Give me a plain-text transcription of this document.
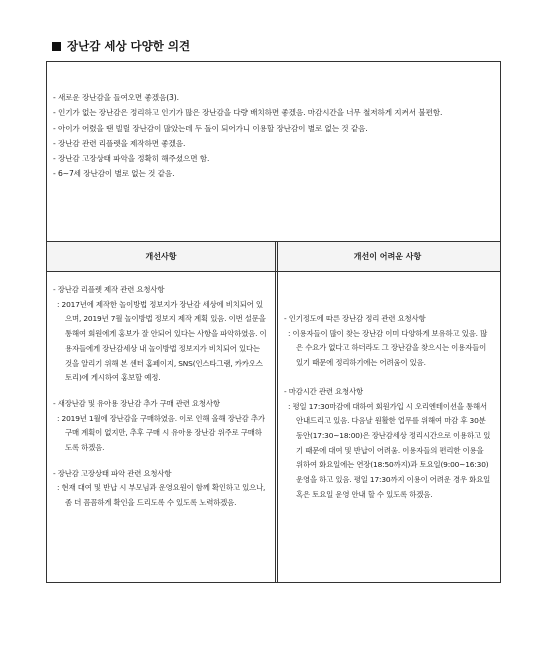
장난감 세상 다양한 의견

- 새로운 장난감을 들여오면 좋겠음(3).

- 인기가 없는 장난감은 정리하고 인기가 많은 장난감을 다량 배치하면 좋겠음. 마감시간을 너무 철저하게 지켜서 불편함.

- 아이가 어렸을 땐 빌릴 장난감이 많았는데 두 돌이 되어가니 이용할 장난감이 별로 없는 것 같음.

- 장난감 관련 리플렛을 제작하면 좋겠음.

- 장난감 고장상태 파악을 정확히 해주셨으면 함.

- 6~7세 장난감이 별로 없는 것 같음.

개선사항	개선이 어려운 사항

- 장난감 리플렛 제작 관련 요청사항

: 2017년에 제작한 놀이방법 정보지가 장난감 세상에 비치되어 있으며, 2019년 7월 놀이방법 정보지 제작 계획 있음. 이번 설문을 통해여 회원에게 홍보가 잘 안되어 있다는 사항을 파악하였음. 이용자들에게 장난감세상 내 놀이방법 정보지가 비치되어 있다는 것을 알리기 위해 본 센터 홈페이지, SNS(인스타그램, 카카오스토리)에 게시하여 홍보할 예정.

- 새장난감 및 유아용 장난감 추가 구매 관련 요청사항

: 2019년 1월에 장난감을 구매하였음. 이로 인해 올해 장난감 추가 구매 계획이 없지만, 추후 구매 시 유아용 장난감 위주로 구매하도록 하겠음.

- 장난감 고장상태 파악 관련 요청사항

: 현재 대여 및 반납 시 부모님과 운영요원이 함께 확인하고 있으나, 좀 더 꼼꼼하게 확인을 드리도록 수 있도록 노력하겠음.

- 인기정도에 따른 장난감 정리 관련 요청사항

: 이용자들이 많이 찾는 장난감 이미 다양하게 보유하고 있음. 많은 수요가 없다고 하더라도 그 장난감을 찾으시는 이용자들이 있기 때문에 정리하기에는 어려움이 있음.

- 마감시간 관련 요청사항

: 평일 17:30마감에 대하여 회원가입 시 오리엔테이션을 통해서 안내드리고 있음. 다음날 원활한 업무를 위해여 마감 후 30분 동안(17:30~18:00)은 장난감세상 정리시간으로 이용하고 있기 때문에 대여 및 반납이 어려움. 이용자들의 편리한 이용을 위하여 화요일에는 연장(18:50까지)과 토요일(9:00~16:30)운영을 하고 있음. 평일 17:30까지 이용이 어려운 경우 화요일 혹은 토요일 운영 안내 할 수 있도록 하겠음.
